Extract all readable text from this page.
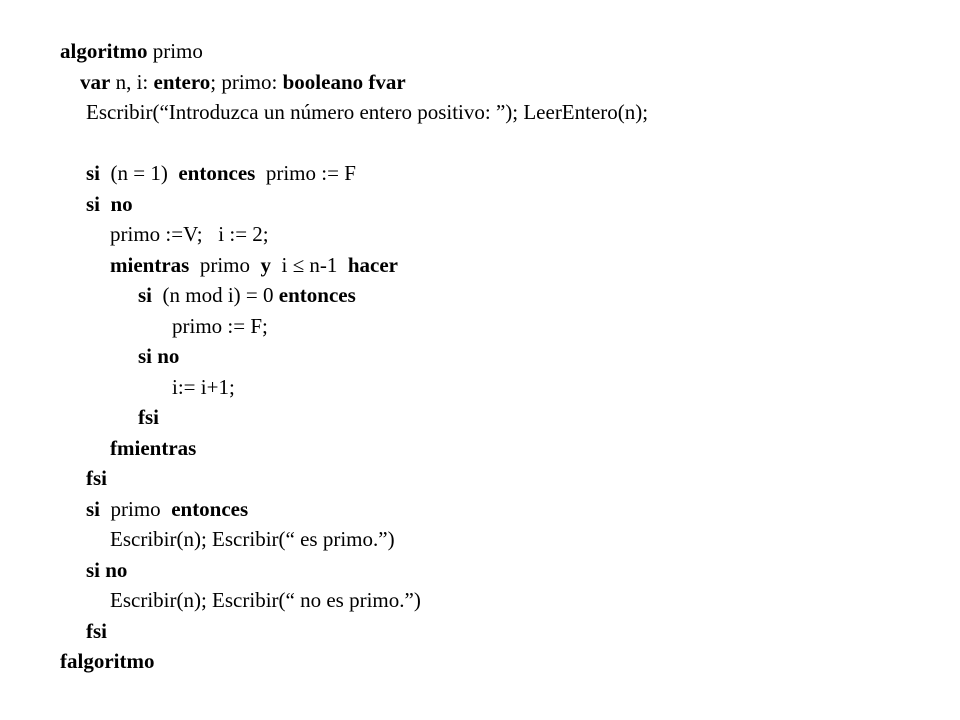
algoritmo primo
var n, i: entero; primo: booleano fvar
Escribir(“Introduzca un número entero positivo: ”); LeerEntero(n);
si  (n = 1)  entonces  primo := F
si  no
primo :=V;   i := 2;
mientras  primo  y  i ≤ n-1  hacer
si  (n mod i) = 0 entonces
primo := F;
si no
i:= i+1;
fsi
fmientras
fsi
si  primo  entonces
Escribir(n); Escribir(“ es primo.”)
si no
Escribir(n); Escribir(“ no es primo.”)
fsi
falgoritmo
